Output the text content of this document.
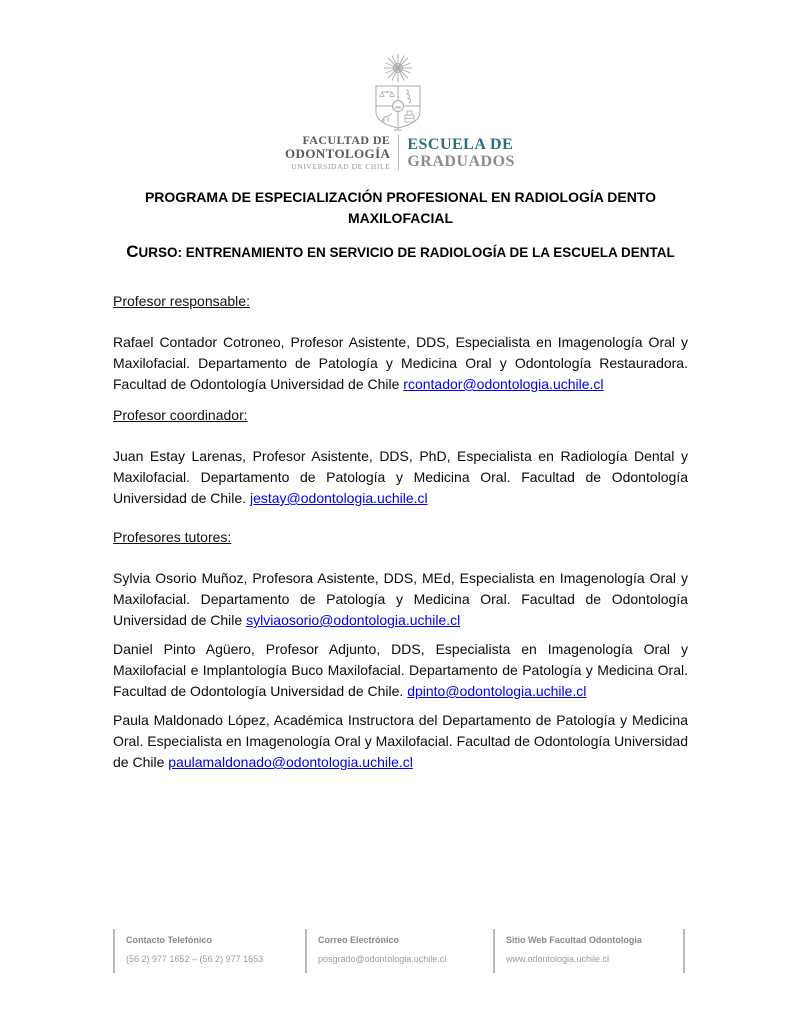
FACULTAD DE
ODONTOLOGÍA
UNIVERSIDAD DE CHILE
ESCUELA DE
GRADUADOS
PROGRAMA DE ESPECIALIZACIÓN PROFESIONAL EN RADIOLOGÍA DENTO MAXILOFACIAL
CURSO: ENTRENAMIENTO EN SERVICIO DE RADIOLOGÍA DE LA ESCUELA DENTAL
Profesor responsable:

Rafael Contador Cotroneo, Profesor Asistente, DDS, Especialista en Imagenología Oral y Maxilofacial. Departamento de Patología y Medicina Oral y Odontología Restauradora. Facultad de Odontología Universidad de Chile rcontador@odontologia.uchile.cl

Profesor coordinador:

Juan Estay Larenas, Profesor Asistente, DDS, PhD, Especialista en Radiología Dental y Maxilofacial. Departamento de Patología y Medicina Oral. Facultad de Odontología Universidad de Chile. jestay@odontologia.uchile.cl

Profesores tutores:

Sylvia Osorio Muñoz, Profesora Asistente, DDS, MEd, Especialista en Imagenología Oral y Maxilofacial. Departamento de Patología y Medicina Oral. Facultad de Odontología Universidad de Chile sylviaosorio@odontologia.uchile.cl

Daniel Pinto Agüero, Profesor Adjunto, DDS, Especialista en Imagenología Oral y Maxilofacial e Implantología Buco Maxilofacial. Departamento de Patología y Medicina Oral. Facultad de Odontología Universidad de Chile. dpinto@odontologia.uchile.cl

Paula Maldonado López, Académica Instructora del Departamento de Patología y Medicina Oral. Especialista en Imagenología Oral y Maxilofacial. Facultad de Odontología Universidad de Chile paulamaldonado@odontologia.uchile.cl

Contacto Telefónico
(56 2) 977 1652 – (56 2) 977 1653
Correo Electrónico
posgrado@odontologia.uchile.cl
Sitio Web Facultad Odontologia
www.odontologia.uchile.cl
